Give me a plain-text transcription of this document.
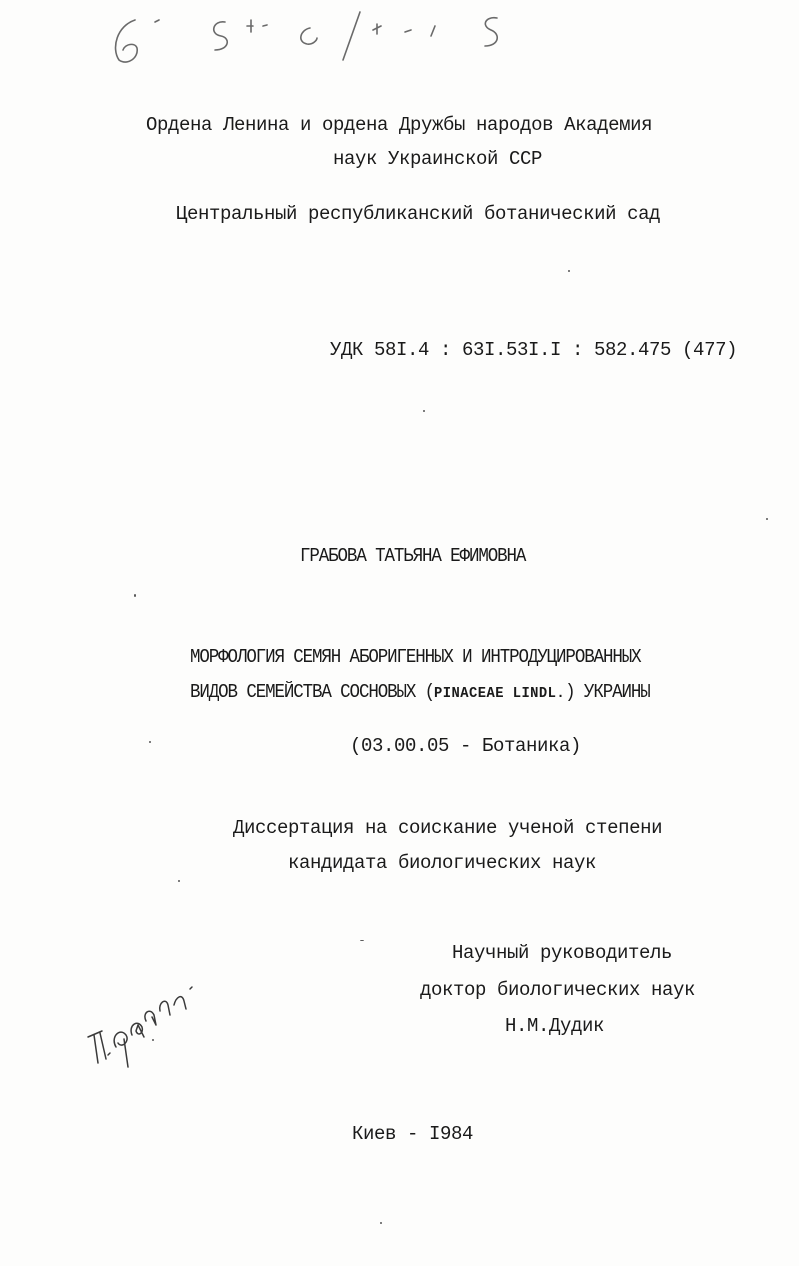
Ордена Ленина и ордена Дружбы народов Академия
наук Украинской ССР
Центральный республиканский ботанический сад
УДК 58I.4 : 63I.53I.I : 582.475 (477)
ГРАБОВА ТАТЬЯНА ЕФИМОВНА
МОРФОЛОГИЯ СЕМЯН АБОРИГЕННЫХ И ИНТРОДУЦИРОВАННЫХ
ВИДОВ СЕМЕЙСТВА СОСНОВЫХ (PINACEAE LINDL.) УКРАИНЫ
(03.00.05 - Ботаника)
Диссертация на соискание ученой степени
кандидата биологических наук
Научный руководитель
доктор биологических наук
Н.М.Дудик
Киев - I984
